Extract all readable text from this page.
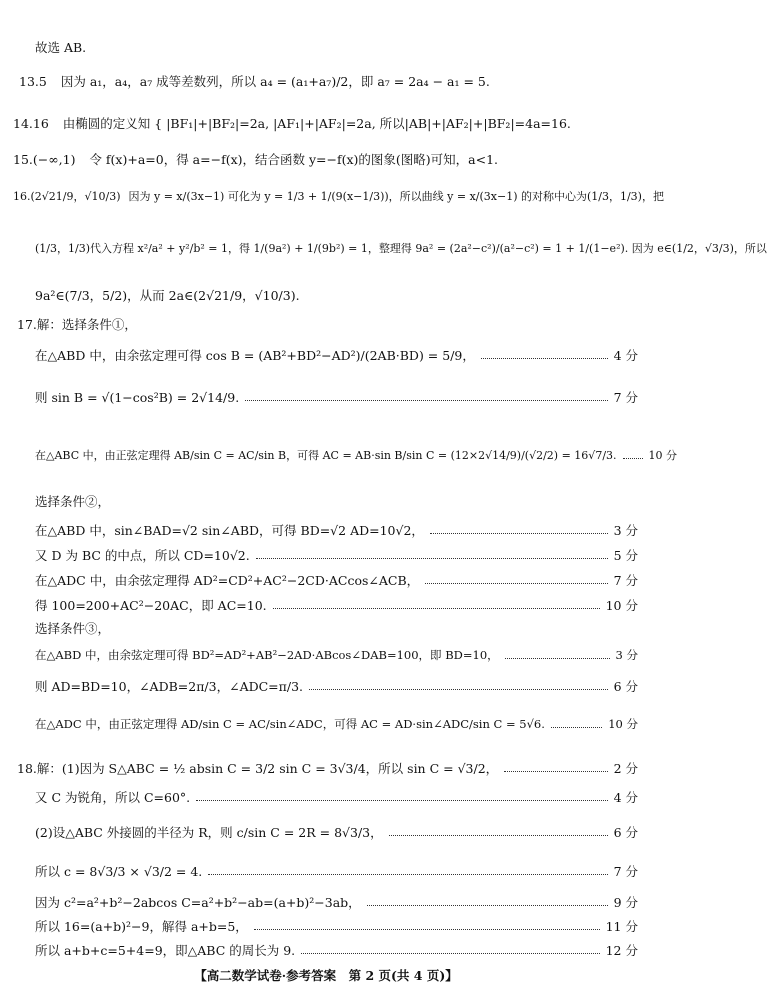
故选 AB.
13.5 因为 a₁，a₄，a₇ 成等差数列，所以 a₄ = (a₁+a₇)/2，即 a₇ = 2a₄ − a₁ = 5.
14.16 由椭圆的定义知 { |BF₁|+|BF₂|=2a, |AF₁|+|AF₂|=2a, 所以|AB|+|AF₂|+|BF₂|=4a=16.
15.(−∞,1) 令 f(x)+a=0，得 a=−f(x)，结合函数 y=−f(x)的图象(图略)可知，a<1.
16.(2√21/9，√10/3) 因为 y = x/(3x−1) 可化为 y = 1/3 + 1/(9(x−1/3))，所以曲线 y = x/(3x−1) 的对称中心为(1/3，1/3)，把
(1/3，1/3)代入方程 x²/a² + y²/b² = 1，得 1/(9a²) + 1/(9b²) = 1，整理得 9a² = (2a²−c²)/(a²−c²) = 1 + 1/(1−e²). 因为 e∈(1/2，√3/3)，所以
9a²∈(7/3，5/2)，从而 2a∈(2√21/9，√10/3).
17.解：选择条件①，
在△ABD 中，由余弦定理可得 cos B = (AB²+BD²−AD²)/(2AB·BD) = 5/9，	4 分
则 sin B = √(1−cos²B) = 2√14/9.	7 分
在△ABC 中，由正弦定理得 AB/sin C = AC/sin B，可得 AC = AB·sin B/sin C = (12×2√14/9)/(√2/2) = 16√7/3.	10 分
选择条件②，
在△ABD 中，sin∠BAD=√2 sin∠ABD，可得 BD=√2 AD=10√2，	3 分
又 D 为 BC 的中点，所以 CD=10√2.	5 分
在△ADC 中，由余弦定理得 AD²=CD²+AC²−2CD·ACcos∠ACB，	7 分
得 100=200+AC²−20AC，即 AC=10.	10 分
选择条件③，
在△ABD 中，由余弦定理可得 BD²=AD²+AB²−2AD·ABcos∠DAB=100，即 BD=10，	3 分
则 AD=BD=10，∠ADB=2π/3，∠ADC=π/3.	6 分
在△ADC 中，由正弦定理得 AD/sin C = AC/sin∠ADC，可得 AC = AD·sin∠ADC/sin C = 5√6.	10 分
18.解：(1)因为 S△ABC = ½ absin C = 3/2 sin C = 3√3/4，所以 sin C = √3/2，	2 分
又 C 为锐角，所以 C=60°.	4 分
(2)设△ABC 外接圆的半径为 R，则 c/sin C = 2R = 8√3/3，	6 分
所以 c = 8√3/3 × √3/2 = 4.	7 分
因为 c²=a²+b²−2abcos C=a²+b²−ab=(a+b)²−3ab，	9 分
所以 16=(a+b)²−9，解得 a+b=5，	11 分
所以 a+b+c=5+4=9，即△ABC 的周长为 9.	12 分
【高二数学试卷·参考答案　第 2 页(共 4 页)】
